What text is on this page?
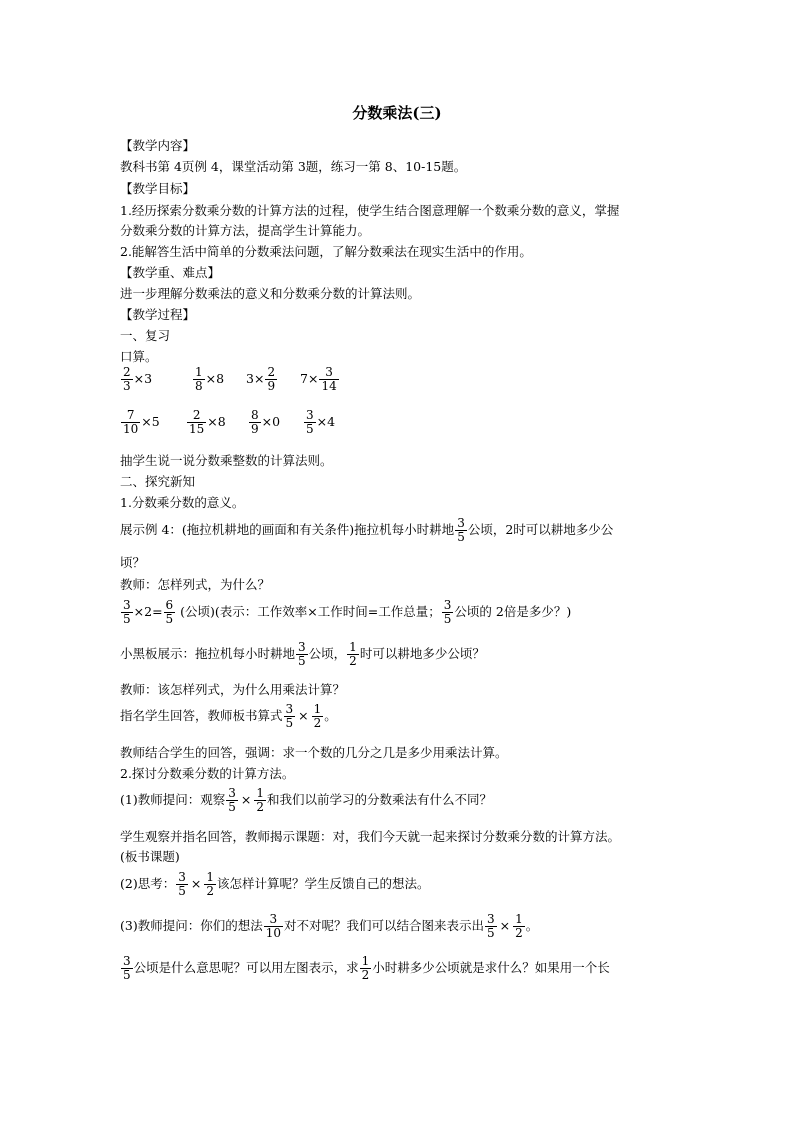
分数乘法(三)
【教学内容】
教科书第 4页例 4，课堂活动第 3题，练习一第 8、10-15题。
【教学目标】
1.经历探索分数乘分数的计算方法的过程，使学生结合图意理解一个数乘分数的意义，掌握
分数乘分数的计算方法，提高学生计算能力。
2.能解答生活中简单的分数乘法问题，了解分数乘法在现实生活中的作用。
【教学重、难点】
进一步理解分数乘法的意义和分数乘分数的计算法则。
【教学过程】
一、复习
口算。
$\frac{2}{3} \times 3$	$\frac{1}{8} \times 8$ $3\times \frac{2}{9} 7\times \frac{3}{14}$
$\frac{7}{10} \times 5 \frac{2}{15} \times 8 \frac{8}{9} \times 0 \frac{3}{5} \times 4$
抽学生说一说分数乘整数的计算法则。
二、探究新知
1.分数乘分数的意义。
展示例 4：(拖拉机耕地的画面和有关条件)拖拉机每小时耕地 $\frac{3}{5}$ 公顷，2时可以耕地多少公
顷？
教师：怎样列式，为什么？
$\frac{3}{5} \times 2= \frac{6}{5}$ (公顷)(表示：工作效率×工作时间=工作总量； $\frac{3}{5}$ 公顷的 2倍是多少？)
小黑板展示：拖拉机每小时耕地 $\frac{3}{5}$ 公顷， $\frac{1}{2}$ 时可以耕地多少公顷？
教师：该怎样列式，为什么用乘法计算？
指名学生回答，教师板书算式 $\frac{3}{5} \times \frac{1}{2}$ 。
教师结合学生的回答，强调：求一个数的几分之几是多少用乘法计算。
2.探讨分数乘分数的计算方法。
(1)教师提问：观察 $\frac{3}{5} \times \frac{1}{2}$ 和我们以前学习的分数乘法有什么不同？
学生观察并指名回答，教师揭示课题：对，我们今天就一起来探讨分数乘分数的计算方法。
(板书课题)
(2)思考： $\frac{3}{5} \times \frac{1}{2}$ 该怎样计算呢？学生反馈自己的想法。
(3)教师提问：你们的想法 $\frac{3}{10}$ 对不对呢？我们可以结合图来表示出 $\frac{3}{5} \times \frac{1}{2}$ 。
$\frac{3}{5}$ 公顷是什么意思呢？可以用左图表示，求 $\frac{1}{2}$ 小时耕多少公顷就是求什么？如果用一个长
